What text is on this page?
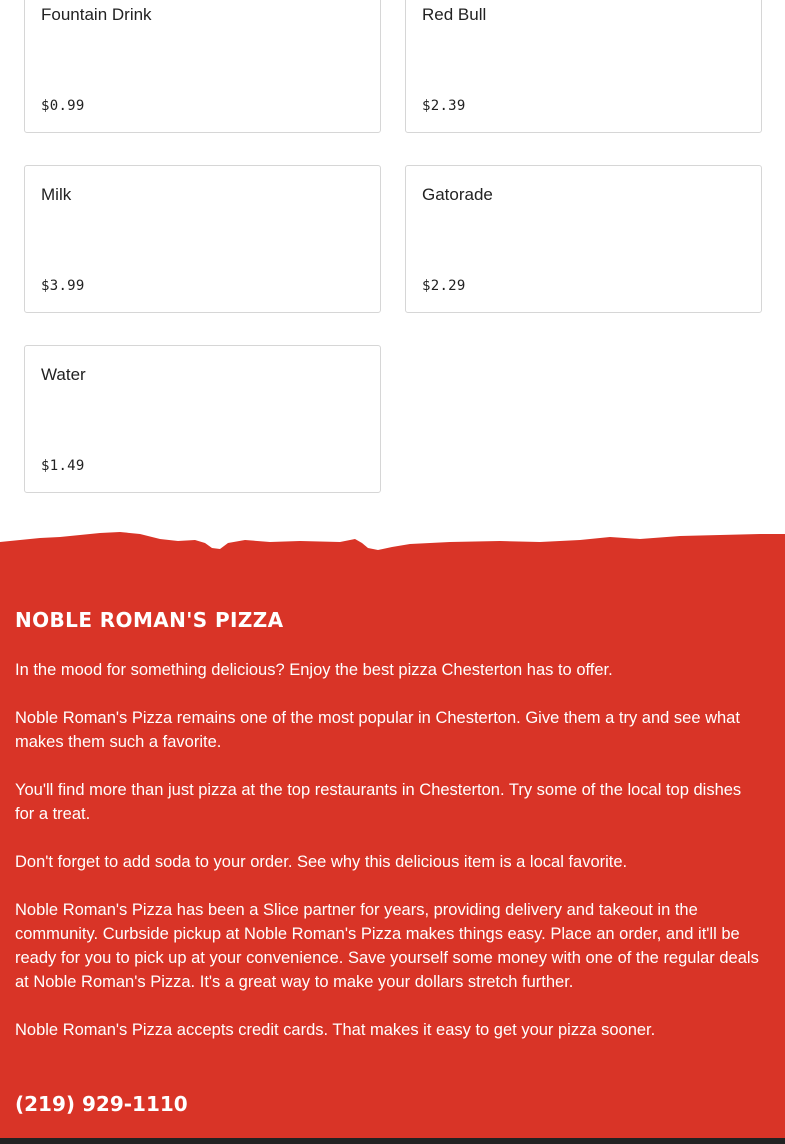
Fountain Drink
$0.99
Red Bull
$2.39
Milk
$3.99
Gatorade
$2.29
Water
$1.49
NOBLE ROMAN'S PIZZA

In the mood for something delicious? Enjoy the best pizza Chesterton has to offer.

Noble Roman's Pizza remains one of the most popular in Chesterton. Give them a try and see what makes them such a favorite.

You'll find more than just pizza at the top restaurants in Chesterton. Try some of the local top dishes for a treat.

Don't forget to add soda to your order. See why this delicious item is a local favorite.

Noble Roman's Pizza has been a Slice partner for years, providing delivery and takeout in the community. Curbside pickup at Noble Roman's Pizza makes things easy. Place an order, and it'll be ready for you to pick up at your convenience. Save yourself some money with one of the regular deals at Noble Roman's Pizza. It's a great way to make your dollars stretch further.

Noble Roman's Pizza accepts credit cards. That makes it easy to get your pizza sooner.

(219) 929-1110
